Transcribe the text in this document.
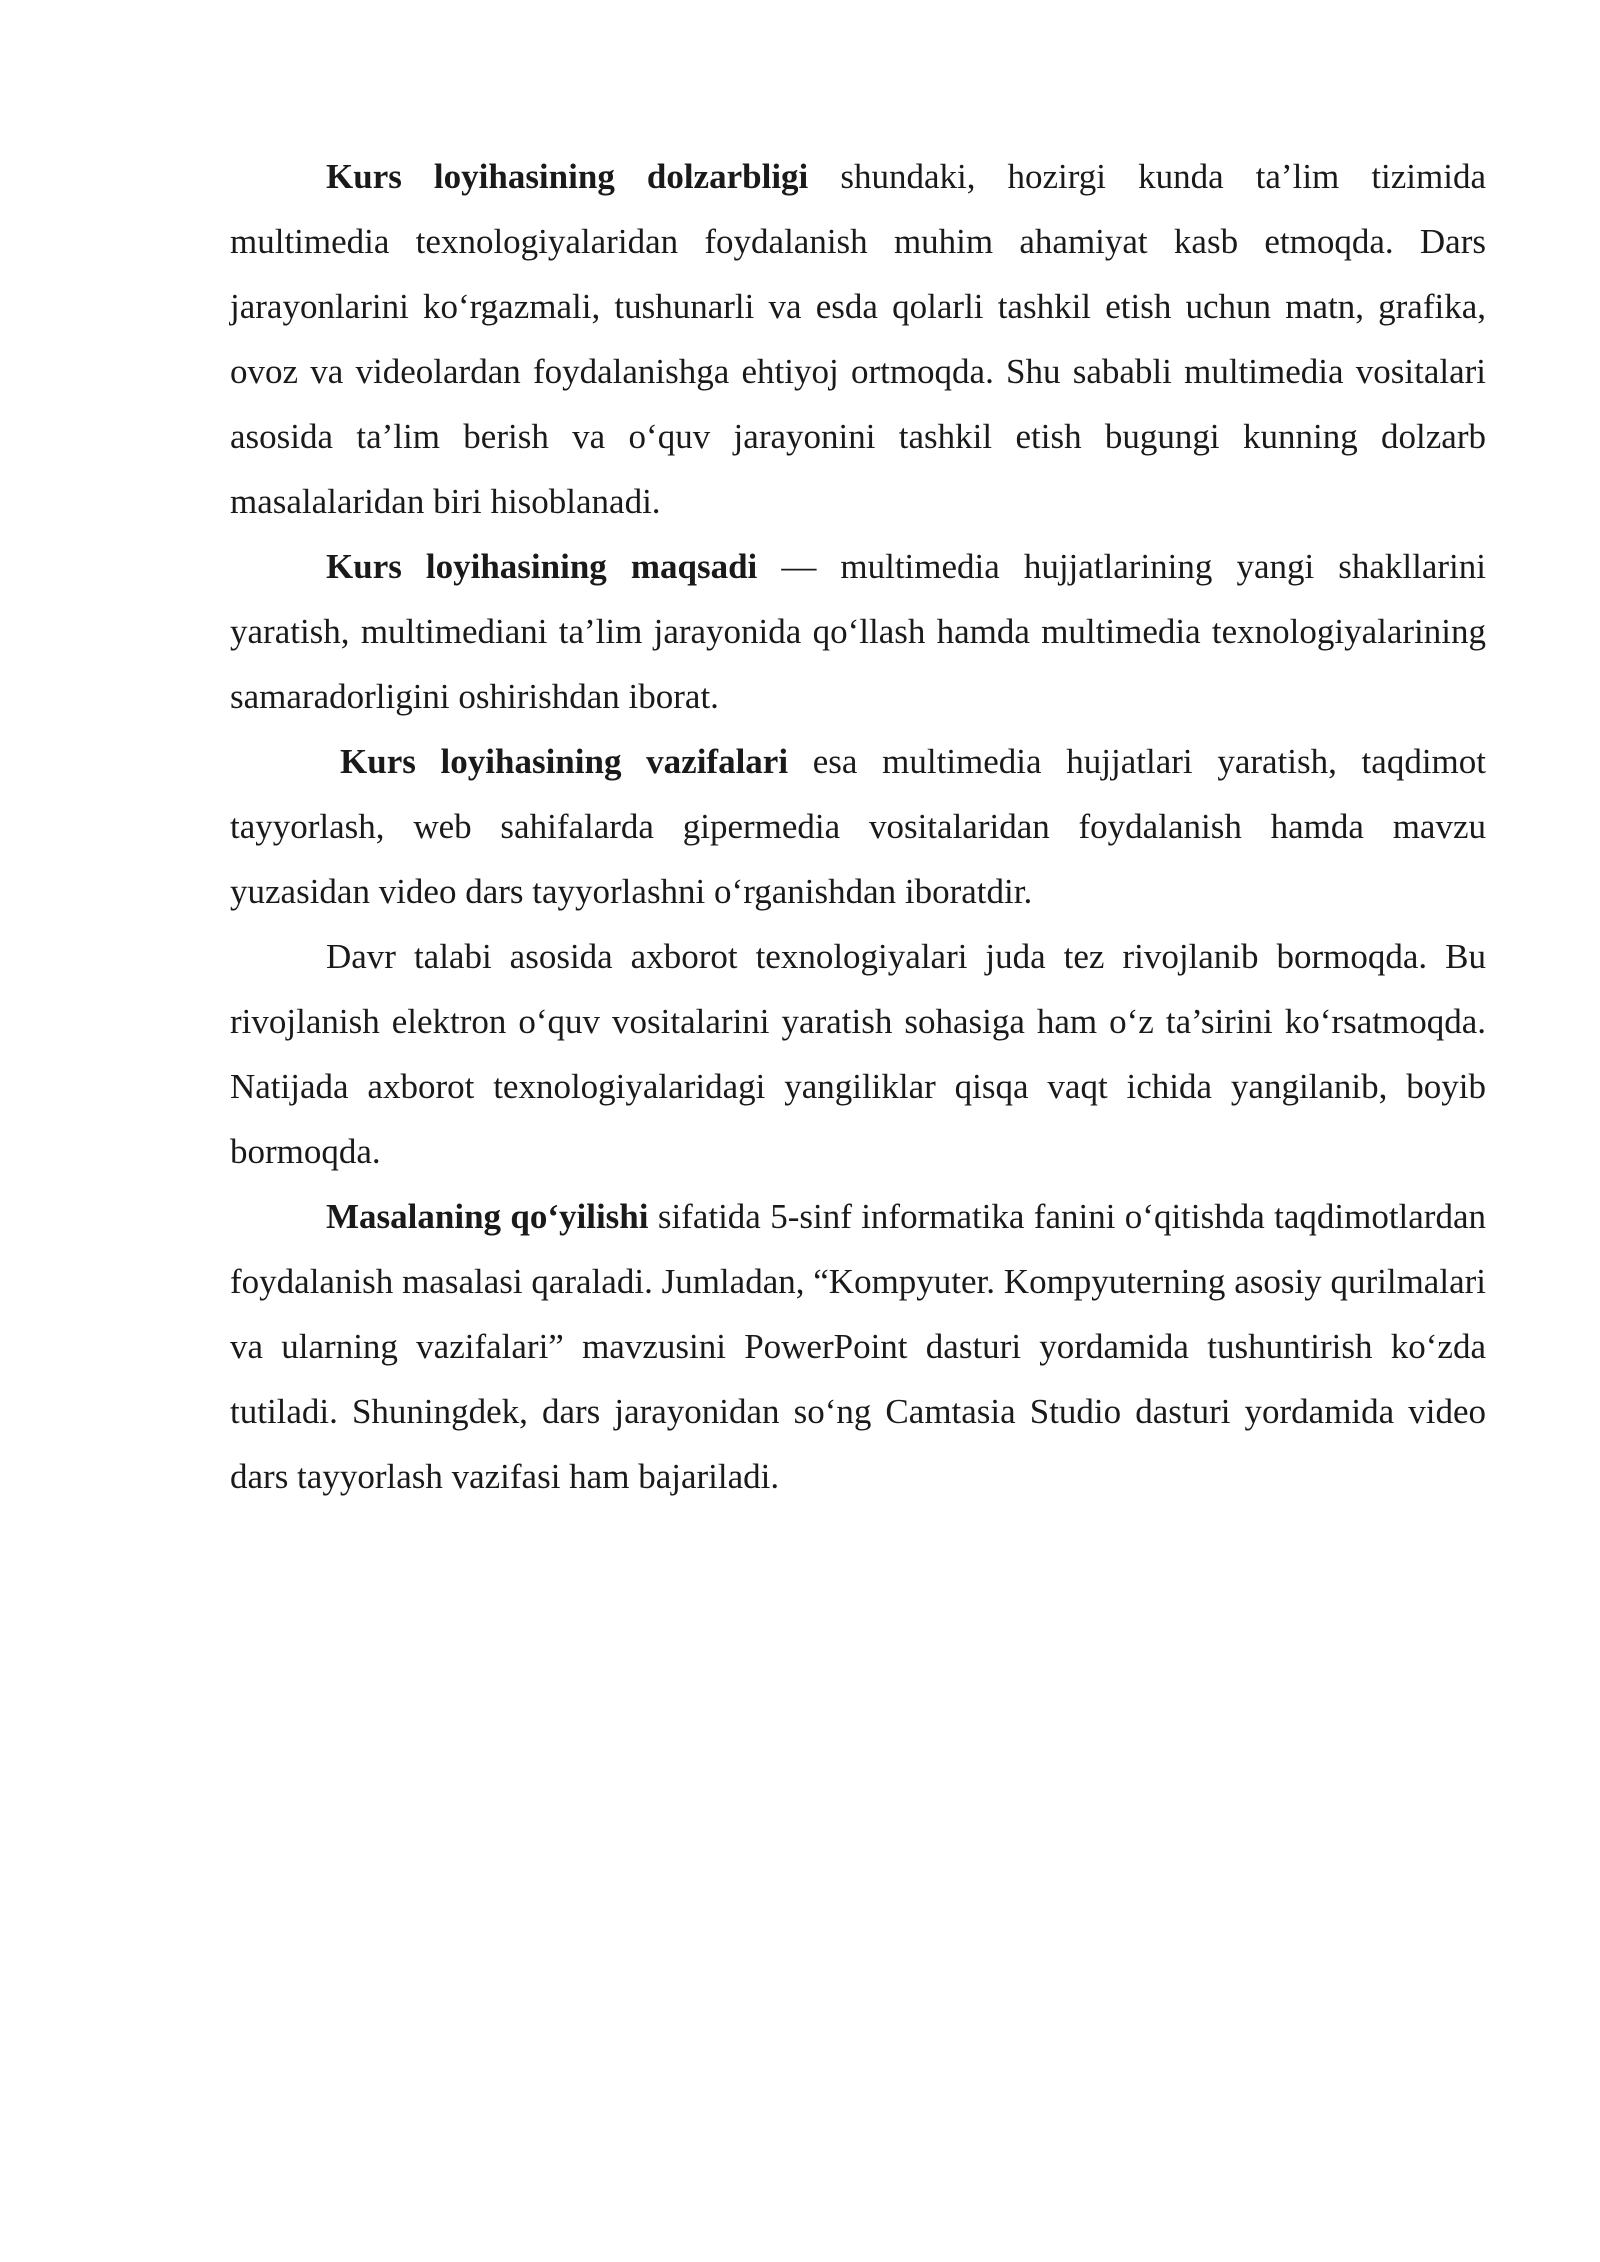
Kurs loyihasining dolzarbligi shundaki, hozirgi kunda ta’lim tizimida multimedia texnologiyalaridan foydalanish muhim ahamiyat kasb etmoqda. Dars jarayonlarini ko‘rgazmali, tushunarli va esda qolarli tashkil etish uchun matn, grafika, ovoz va videolardan foydalanishga ehtiyoj ortmoqda. Shu sababli multimedia vositalari asosida ta’lim berish va o‘quv jarayonini tashkil etish bugungi kunning dolzarb masalalaridan biri hisoblanadi.

Kurs loyihasining maqsadi — multimedia hujjatlarining yangi shakllarini yaratish, multimediani ta’lim jarayonida qo‘llash hamda multimedia texnologiyalarining samaradorligini oshirishdan iborat.

Kurs loyihasining vazifalari esa multimedia hujjatlari yaratish, taqdimot tayyorlash, web sahifalarda gipermedia vositalaridan foydalanish hamda mavzu yuzasidan video dars tayyorlashni o‘rganishdan iboratdir.

Davr talabi asosida axborot texnologiyalari juda tez rivojlanib bormoqda. Bu rivojlanish elektron o‘quv vositalarini yaratish sohasiga ham o‘z ta’sirini ko‘rsatmoqda. Natijada axborot texnologiyalaridagi yangiliklar qisqa vaqt ichida yangilanib, boyib bormoqda.

Masalaning qo‘yilishi sifatida 5-sinf informatika fanini o‘qitishda taqdimotlardan foydalanish masalasi qaraladi. Jumladan, “Kompyuter. Kompyuterning asosiy qurilmalari va ularning vazifalari” mavzusini PowerPoint dasturi yordamida tushuntirish ko‘zda tutiladi. Shuningdek, dars jarayonidan so‘ng Camtasia Studio dasturi yordamida video dars tayyorlash vazifasi ham bajariladi.
